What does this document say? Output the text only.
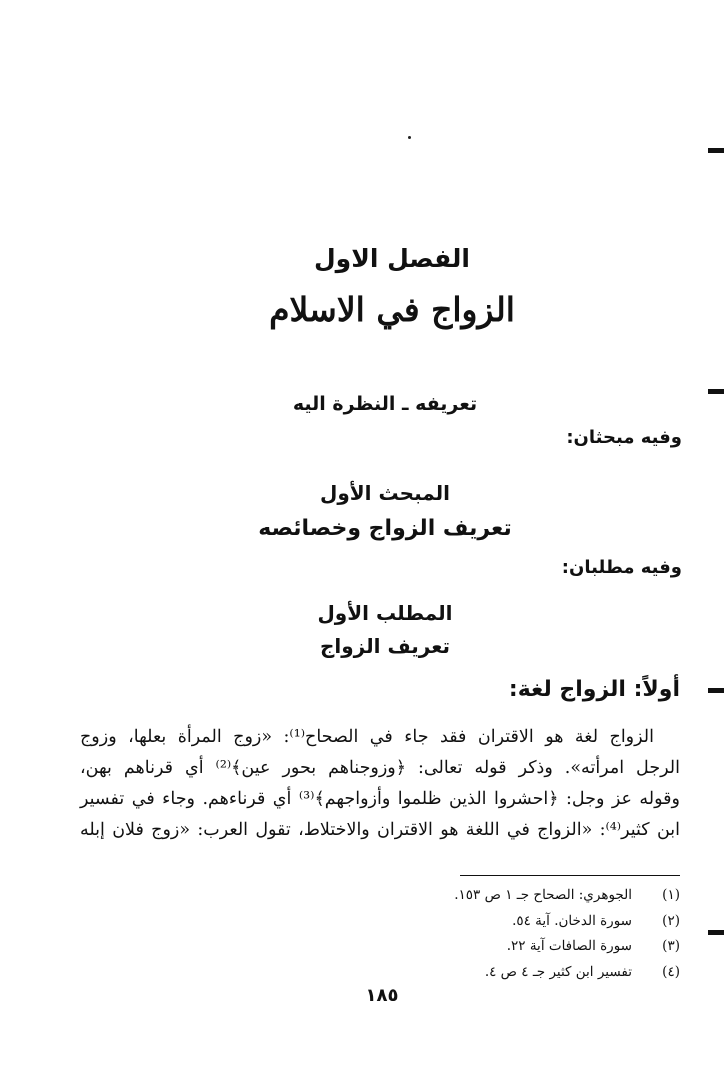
الفصل الاول
الزواج في الاسلام
تعريفه ـ النظرة اليه
وفيه مبحثان:
المبحث الأول
تعريف الزواج وخصائصه
وفيه مطلبان:
المطلب الأول
تعريف الزواج
أولاً: الزواج لغة:
الزواج لغة هو الاقتران فقد جاء في الصحاح⁽¹⁾: «زوج المرأة بعلها، وزوج
الرجل امرأته». وذكر قوله تعالى: ﴿وزوجناهم بحور عين﴾⁽²⁾ أي قرناهم بهن،
وقوله عز وجل: ﴿احشروا الذين ظلموا وأزواجهم﴾⁽³⁾ أي قرناءهم. وجاء في تفسير
ابن كثير⁽⁴⁾: «الزواج في اللغة هو الاقتران والاختلاط، تقول العرب: «زوج فلان إبله
(١)
الجوهري: الصحاح جـ ١ ص ١٥٣.
(٢)
سورة الدخان. آية ٥٤.
(٣)
سورة الصافات آية ٢٢.
(٤)
تفسير ابن كثير جـ ٤ ص ٤.
١٨٥
